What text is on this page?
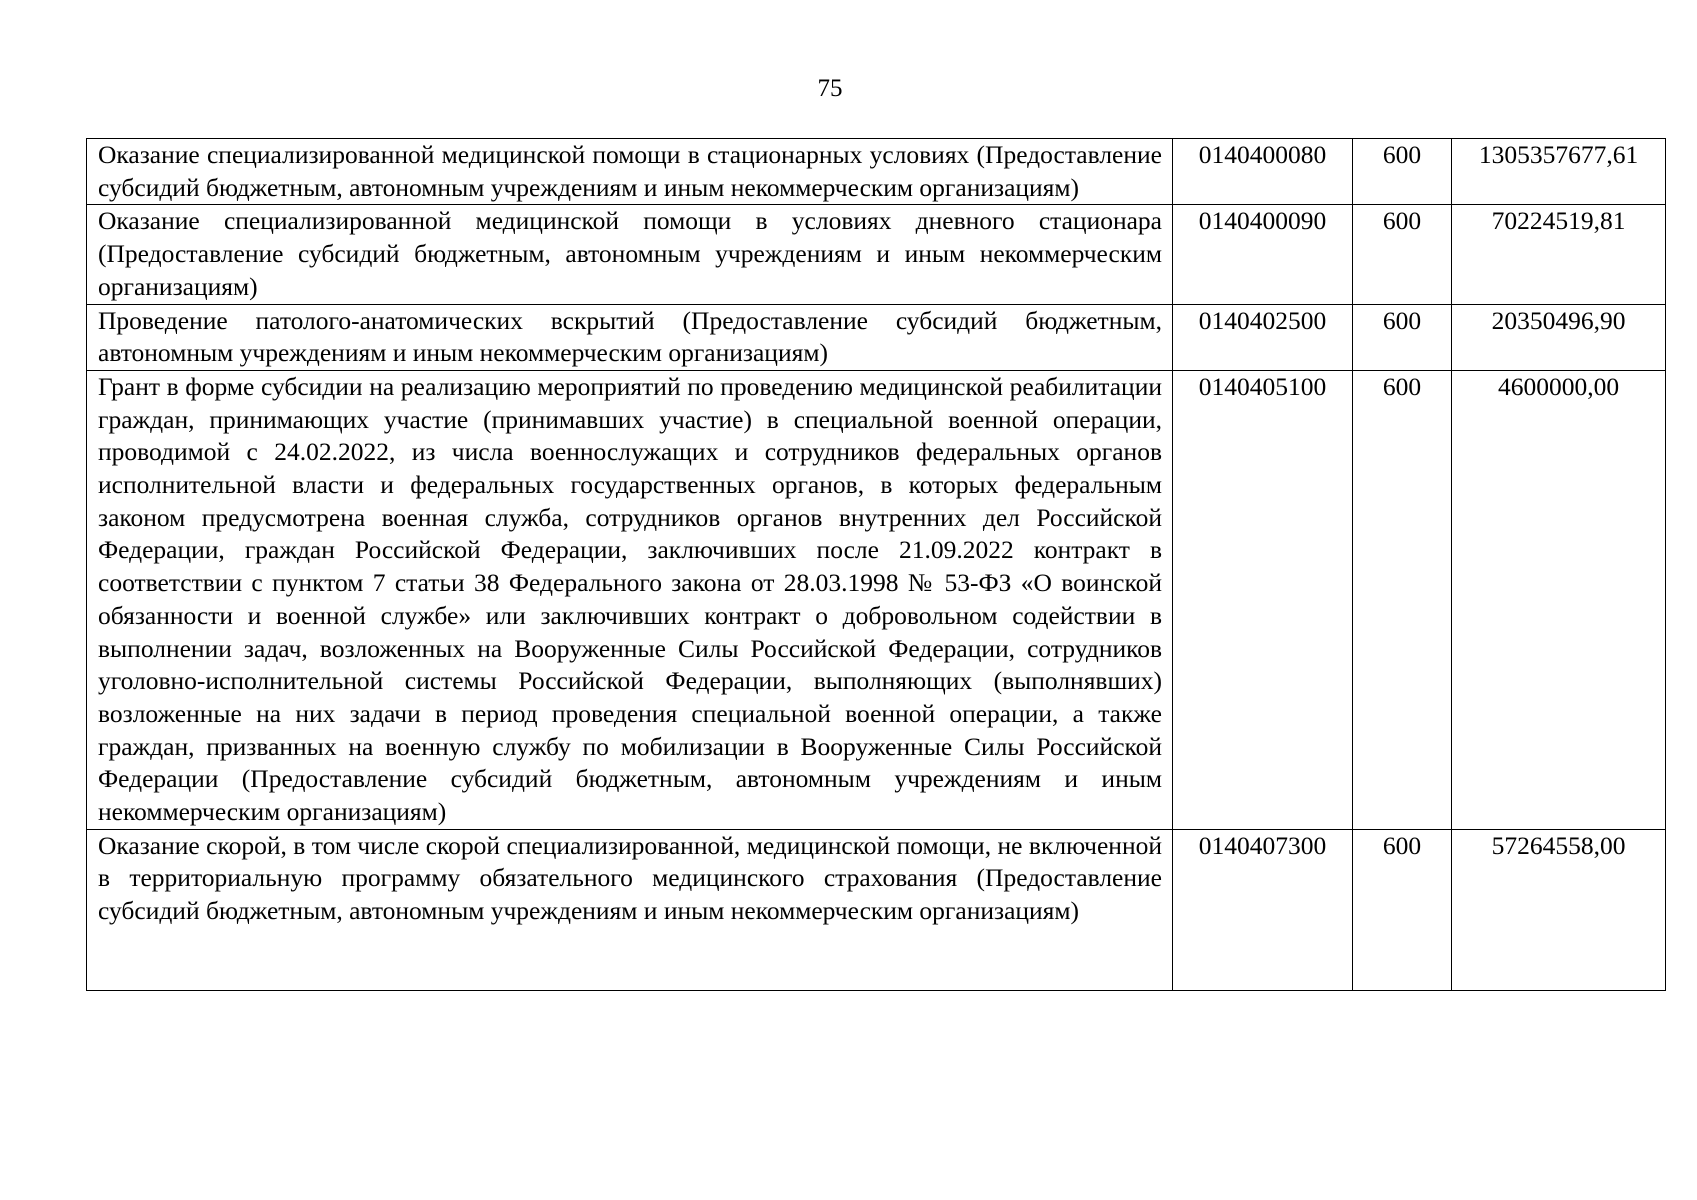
75
Оказание специализированной медицинской помощи в стационарных условиях (Предоставление субсидий бюджетным, автономным учреждениям и иным некоммерческим организациям)	0140400080	600	1305357677,61
Оказание специализированной медицинской помощи в условиях дневного стационара (Предоставление субсидий бюджетным, автономным учреждениям и иным некоммерческим организациям)	0140400090	600	70224519,81
Проведение патолого-анатомических вскрытий (Предоставление субсидий бюджетным, автономным учреждениям и иным некоммерческим организациям)	0140402500	600	20350496,90
Грант в форме субсидии на реализацию мероприятий по проведению медицинской реабилитации граждан, принимающих участие (принимавших участие) в специальной военной операции, проводимой с 24.02.2022, из числа военнослужащих и сотрудников федеральных органов исполнительной власти и федеральных государственных органов, в которых федеральным законом предусмотрена военная служба, сотрудников органов внутренних дел Российской Федерации, граждан Российской Федерации, заключивших после 21.09.2022 контракт в соответствии с пунктом 7 статьи 38 Федерального закона от 28.03.1998 № 53-ФЗ «О воинской обязанности и военной службе» или заключивших контракт о добровольном содействии в выполнении задач, возложенных на Вооруженные Силы Российской Федерации, сотрудников уголовно-исполнительной системы Российской Федерации, выполняющих (выполнявших) возложенные на них задачи в период проведения специальной военной операции, а также граждан, призванных на военную службу по мобилизации в Вооруженные Силы Российской Федерации (Предоставление субсидий бюджетным, автономным учреждениям и иным некоммерческим организациям)	0140405100	600	4600000,00
Оказание скорой, в том числе скорой специализированной, медицинской помощи, не включенной в территориальную программу обязательного медицинского страхования (Предоставление субсидий бюджетным, автономным учреждениям и иным некоммерческим организациям)	0140407300	600	57264558,00
